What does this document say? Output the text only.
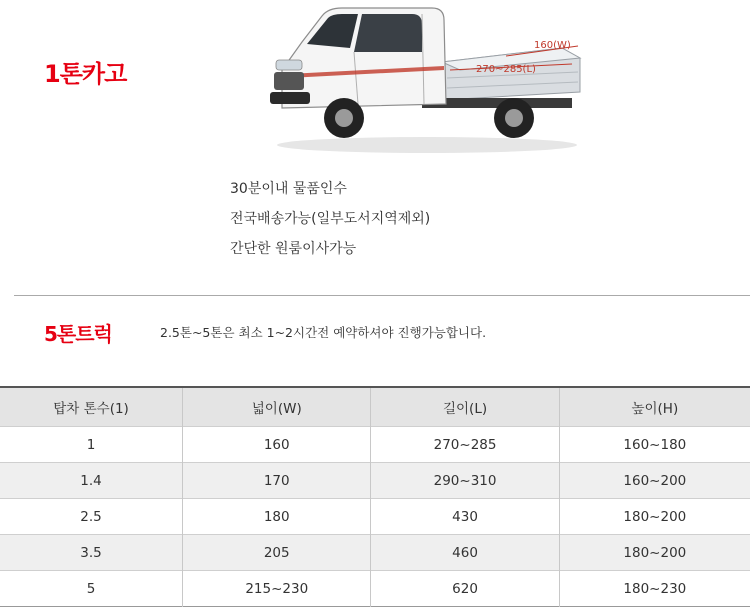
1톤카고
160(W)
270~285(L)
30분이내 물품인수
전국배송가능(일부도서지역제외)
간단한 원룸이사가능
5톤트럭	2.5톤~5톤은 최소 1~2시간전 예약하셔야 진행가능합니다.
탑차 톤수(1)	넓이(W)	길이(L)	높이(H)
1	160	270~285	160~180
1.4	170	290~310	160~200
2.5	180	430	180~200
3.5	205	460	180~200
5	215~230	620	180~230
